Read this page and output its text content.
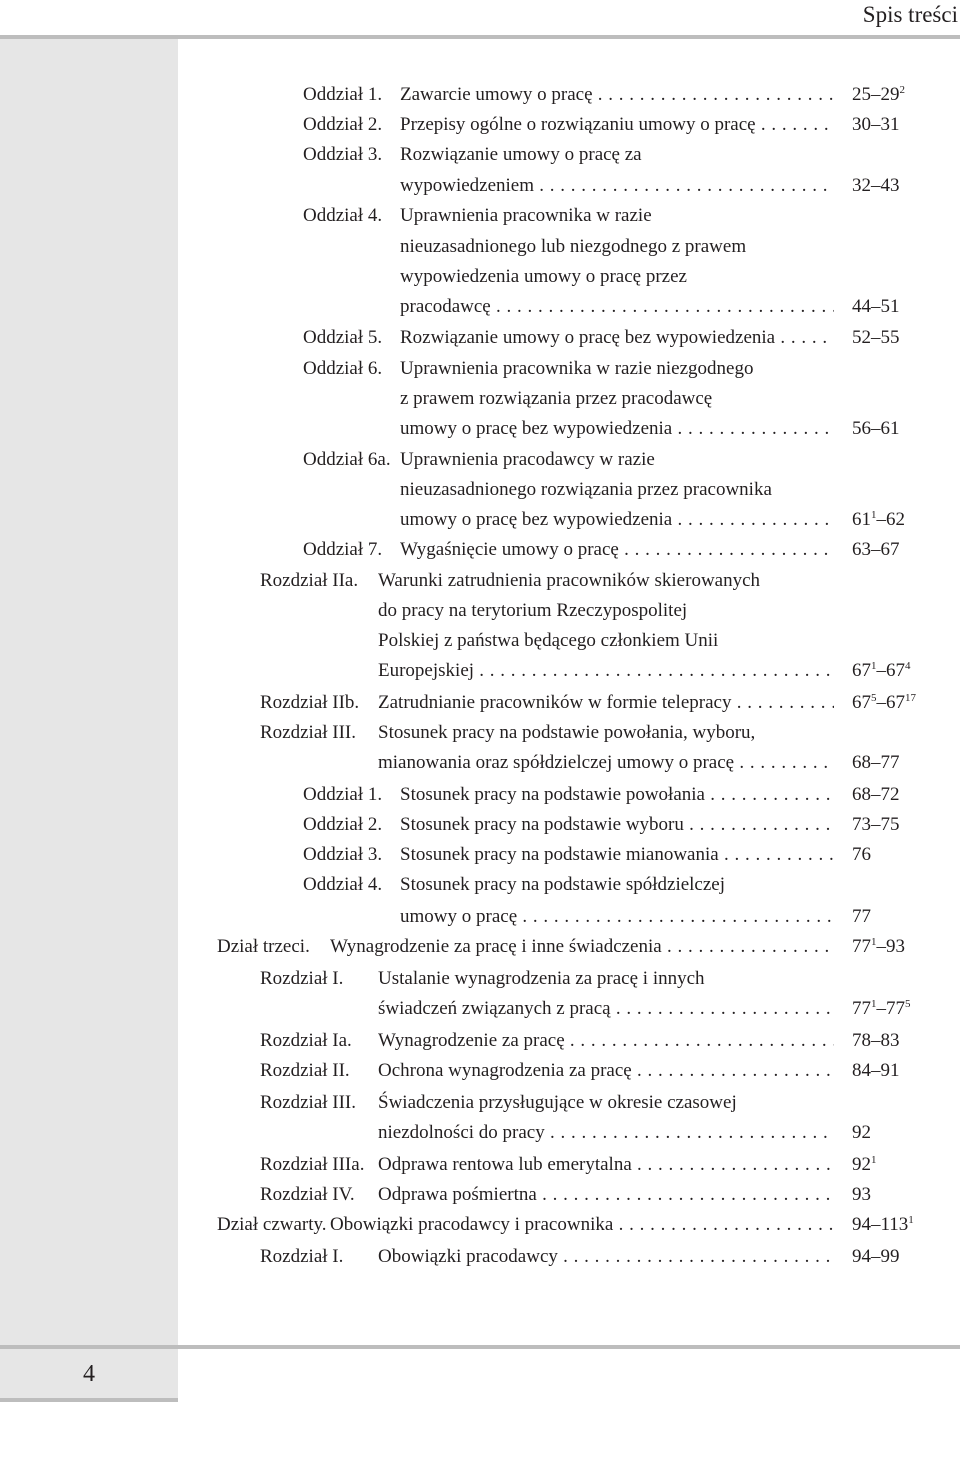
Spis treści
4
Oddział 1. Zawarcie umowy o pracę . . .	$25-29^2$
Oddział 2. Przepisy ogólne o rozwiązaniu umowy o pracę . . .	30–31
Oddział 3. Rozwiązanie umowy o pracę za
wypowiedzeniem . . .	32–43
Oddział 4. Uprawnienia pracownika w razie
nieuzasadnionego lub niezgodnego z prawem
wypowiedzenia umowy o pracę przez
pracodawcę . . .	44–51
Oddział 5. Rozwiązanie umowy o pracę bez wypowiedzenia . . .	52–55
Oddział 6. Uprawnienia pracownika w razie niezgodnego
z prawem rozwiązania przez pracodawcę
umowy o pracę bez wypowiedzenia . . .	56–61
Oddział 6a. Uprawnienia pracodawcy w razie
nieuzasadnionego rozwiązania przez pracownika
umowy o pracę bez wypowiedzenia . . .	$61^1-62$
Oddział 7. Wygaśnięcie umowy o pracę . . .	63–67
Rozdział IIa. Warunki zatrudnienia pracowników skierowanych
do pracy na terytorium Rzeczypospolitej
Polskiej z państwa będącego członkiem Unii
Europejskiej . . .	$67^1-67^4$
Rozdział IIb. Zatrudnianie pracowników w formie telepracy . . .	$67^5-67^{17}$
Rozdział III. Stosunek pracy na podstawie powołania, wyboru,
mianowania oraz spółdzielczej umowy o pracę . . .	68–77
Oddział 1. Stosunek pracy na podstawie powołania . . .	68–72
Oddział 2. Stosunek pracy na podstawie wyboru . . .	73–75
Oddział 3. Stosunek pracy na podstawie mianowania . . .	76
Oddział 4. Stosunek pracy na podstawie spółdzielczej
umowy o pracę . . .	77
Dział trzeci. Wynagrodzenie za pracę i inne świadczenia . . .	$77^1-93$
Rozdział I. Ustalanie wynagrodzenia za pracę i innych
świadczeń związanych z pracą . . .	$77^1-77^5$
Rozdział Ia. Wynagrodzenie za pracę . . .	78–83
Rozdział II. Ochrona wynagrodzenia za pracę . . .	84–91
Rozdział III. Świadczenia przysługujące w okresie czasowej
niezdolności do pracy . . .	92
Rozdział IIIa. Odprawa rentowa lub emerytalna . . .	$92^1$
Rozdział IV. Odprawa pośmiertna . . .	93
Dział czwarty. Obowiązki pracodawcy i pracownika . . .	$94-113^1$
Rozdział I. Obowiązki pracodawcy . . .	94–99
